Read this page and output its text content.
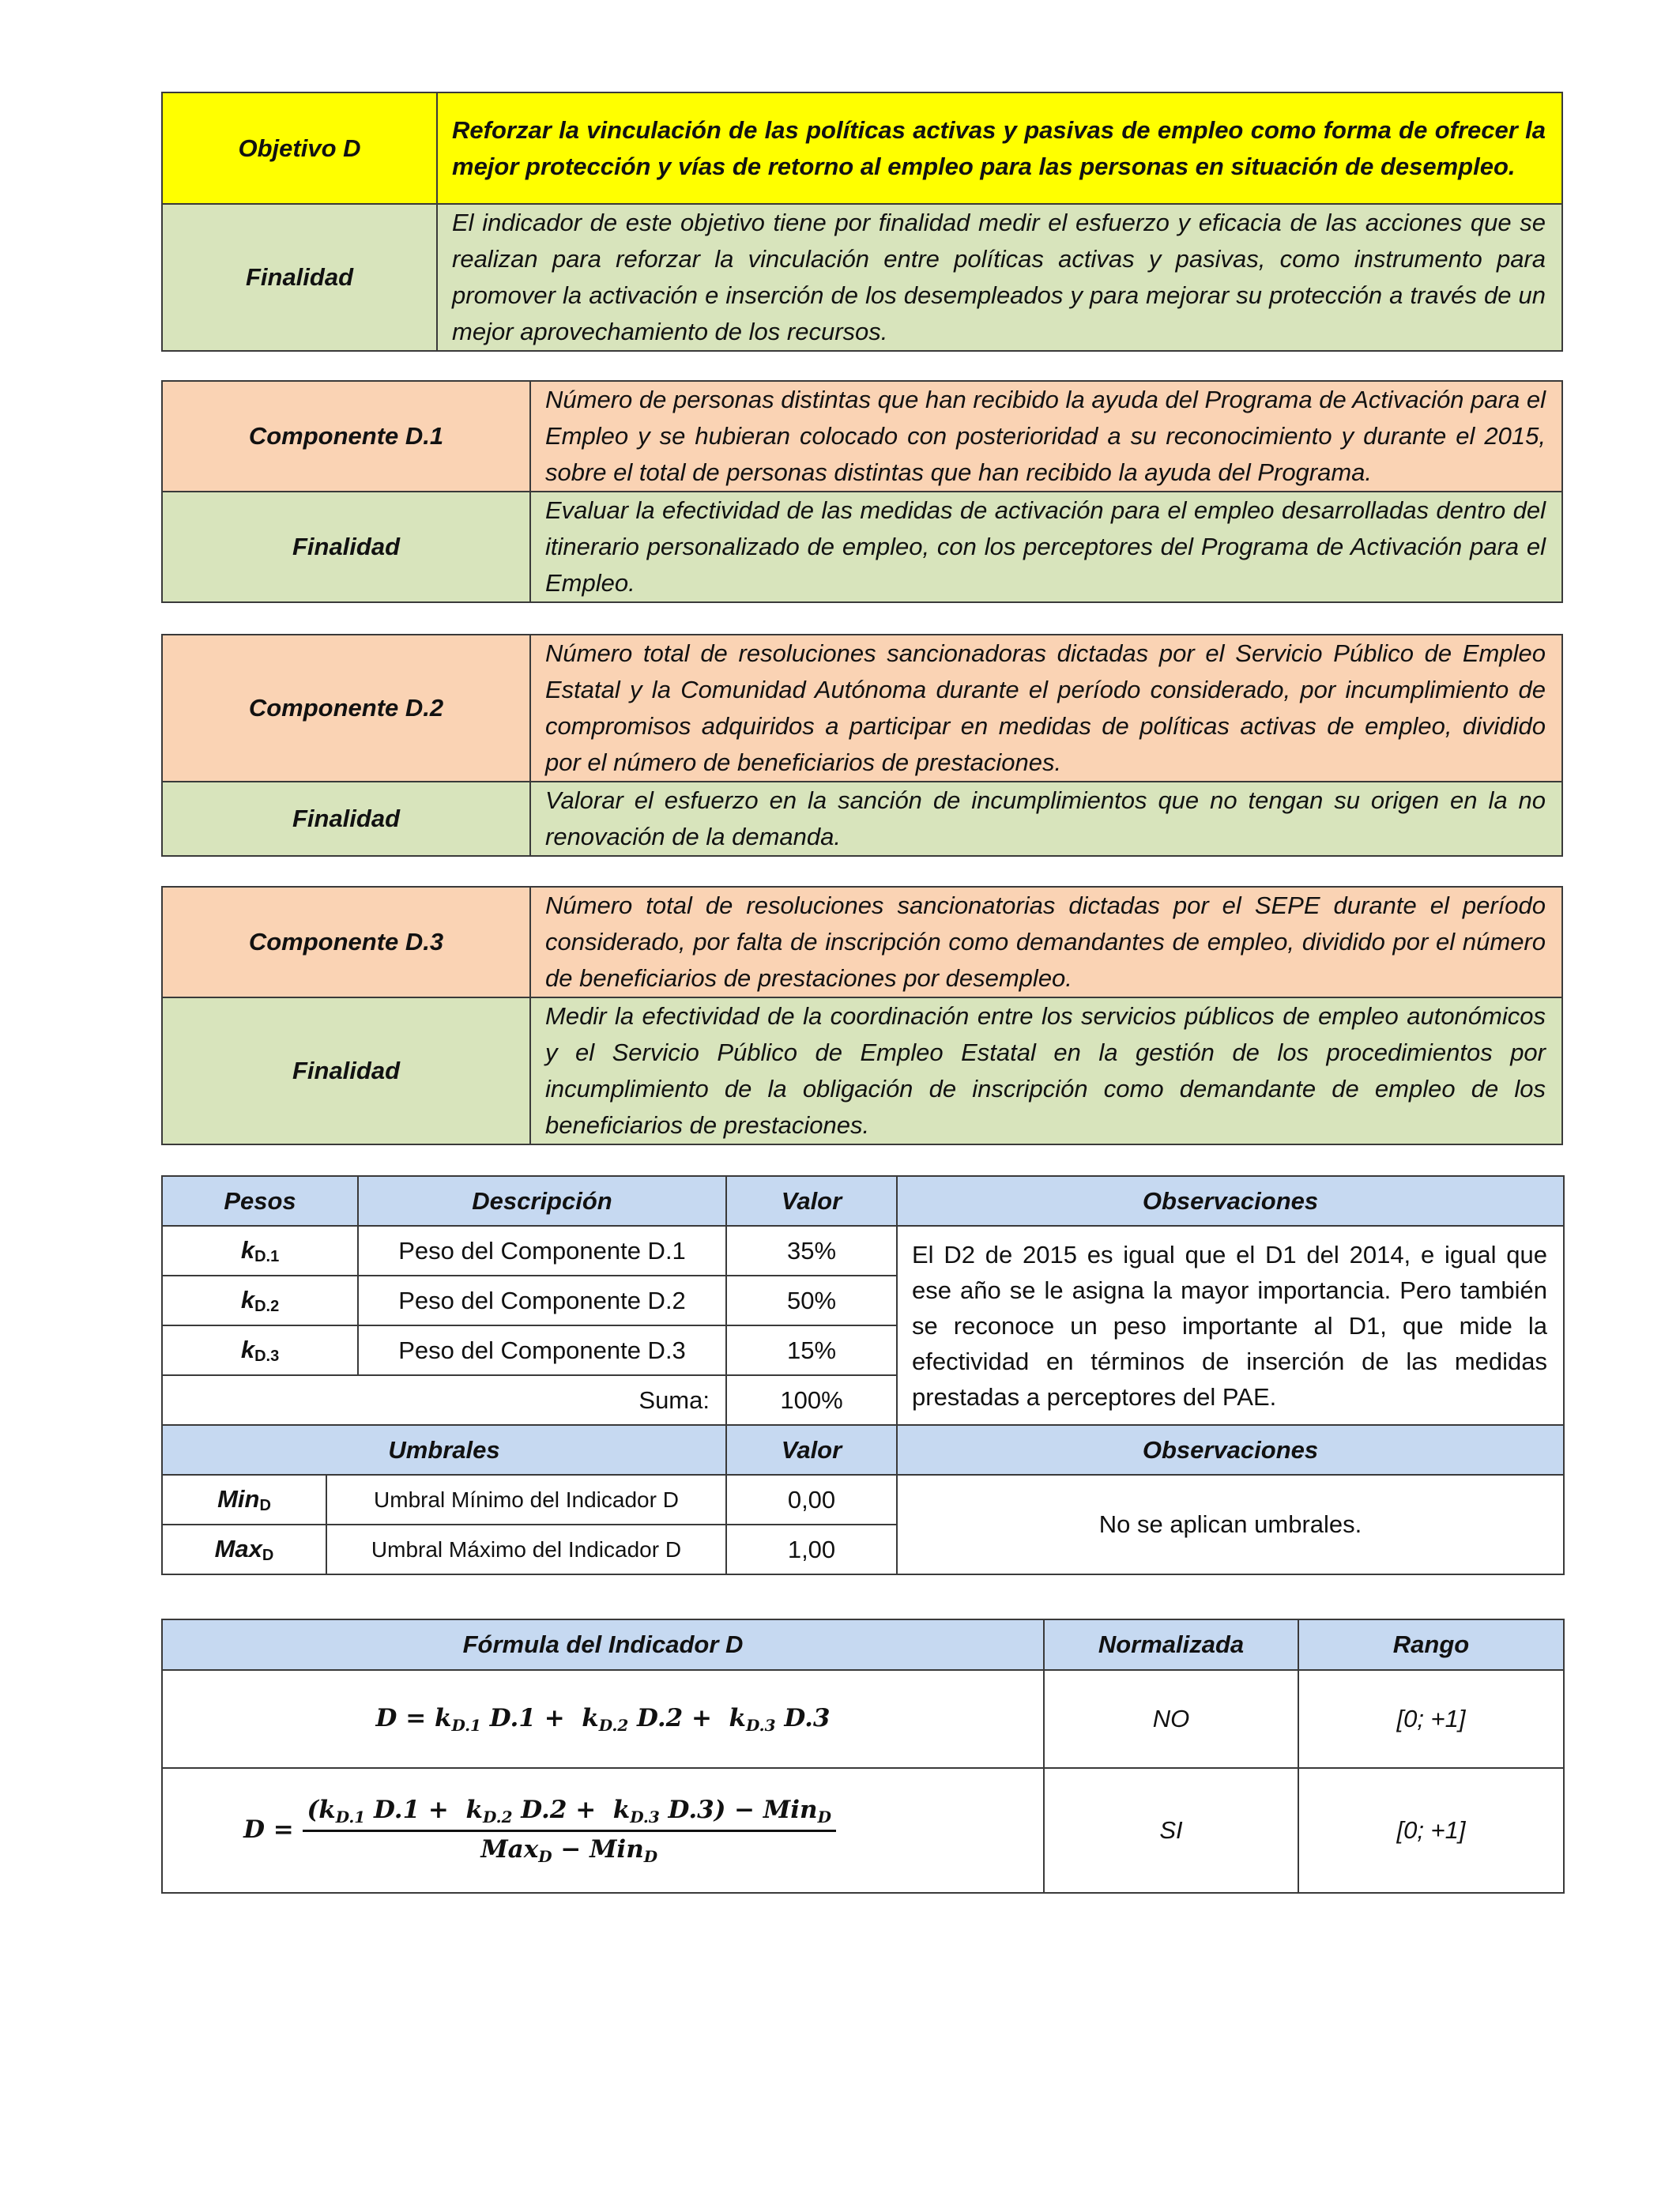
Objetivo D	Reforzar la vinculación de las políticas activas y pasivas de empleo como forma de ofrecer la mejor protección y vías de retorno al empleo para las personas en situación de desempleo.
Finalidad	El indicador de este objetivo tiene por finalidad medir el esfuerzo y eficacia de las acciones que se realizan para reforzar la vinculación entre políticas activas y pasivas, como instrumento para promover la activación e inserción de los desempleados y para mejorar su protección a través de un mejor aprovechamiento de los recursos.
Componente D.1	Número de personas distintas que han recibido la ayuda del Programa de Activación para el Empleo y se hubieran colocado con posterioridad a su reconocimiento y durante el 2015, sobre el total de personas distintas que han recibido la ayuda del Programa.
Finalidad	Evaluar la efectividad de las medidas de activación para el empleo desarrolladas dentro del itinerario personalizado de empleo, con los perceptores del Programa de Activación para el Empleo.
Componente D.2	Número total de resoluciones sancionadoras dictadas por el Servicio Público de Empleo Estatal y la Comunidad Autónoma durante el período considerado, por incumplimiento de compromisos adquiridos a participar en medidas de políticas activas de empleo, dividido por el número de beneficiarios de prestaciones.
Finalidad	Valorar el esfuerzo en la sanción de incumplimientos que no tengan su origen en la no renovación de la demanda.
Componente D.3	Número total de resoluciones sancionatorias dictadas por el SEPE durante el período considerado, por falta de inscripción como demandantes de empleo, dividido por el número de beneficiarios de prestaciones por desempleo.
Finalidad	Medir la efectividad de la coordinación entre los servicios públicos de empleo autonómicos y el Servicio Público de Empleo Estatal en la gestión de los procedimientos por incumplimiento de la obligación de inscripción como demandante de empleo de los beneficiarios de prestaciones.
Pesos		Descripción	Valor	Observaciones
$k_{D.1}$		Peso del Componente D.1	35%	El D2 de 2015 es igual que el D1 del 2014, e igual que ese año se le asigna la mayor importancia. Pero también se reconoce un peso importante al D1, que mide la efectividad en términos de inserción de las medidas prestadas a perceptores del PAE.
$k_{D.2}$		Peso del Componente D.2	50%	
$k_{D.3}$		Peso del Componente D.3	15%	
Suma:			100%	
Umbrales			Valor	Observaciones
Min$_D$	Umbral Mínimo del Indicador D		0,00	No se aplican umbrales.
Max$_D$	Umbral Máximo del Indicador D		1,00	
Fórmula del Indicador D	Normalizada	Rango
$D = k_{D.1}$ $D.1 + k_{D.2}$ $D.2 + k_{D.3}$ D.3	NO	[0; +1]
$D = \frac{(k_{D.1} D.1 + k_{D.2} D.2 + k_{D.3} D.3) - Min_D}{Max_D - Min_D}$	SI	[0; +1]
